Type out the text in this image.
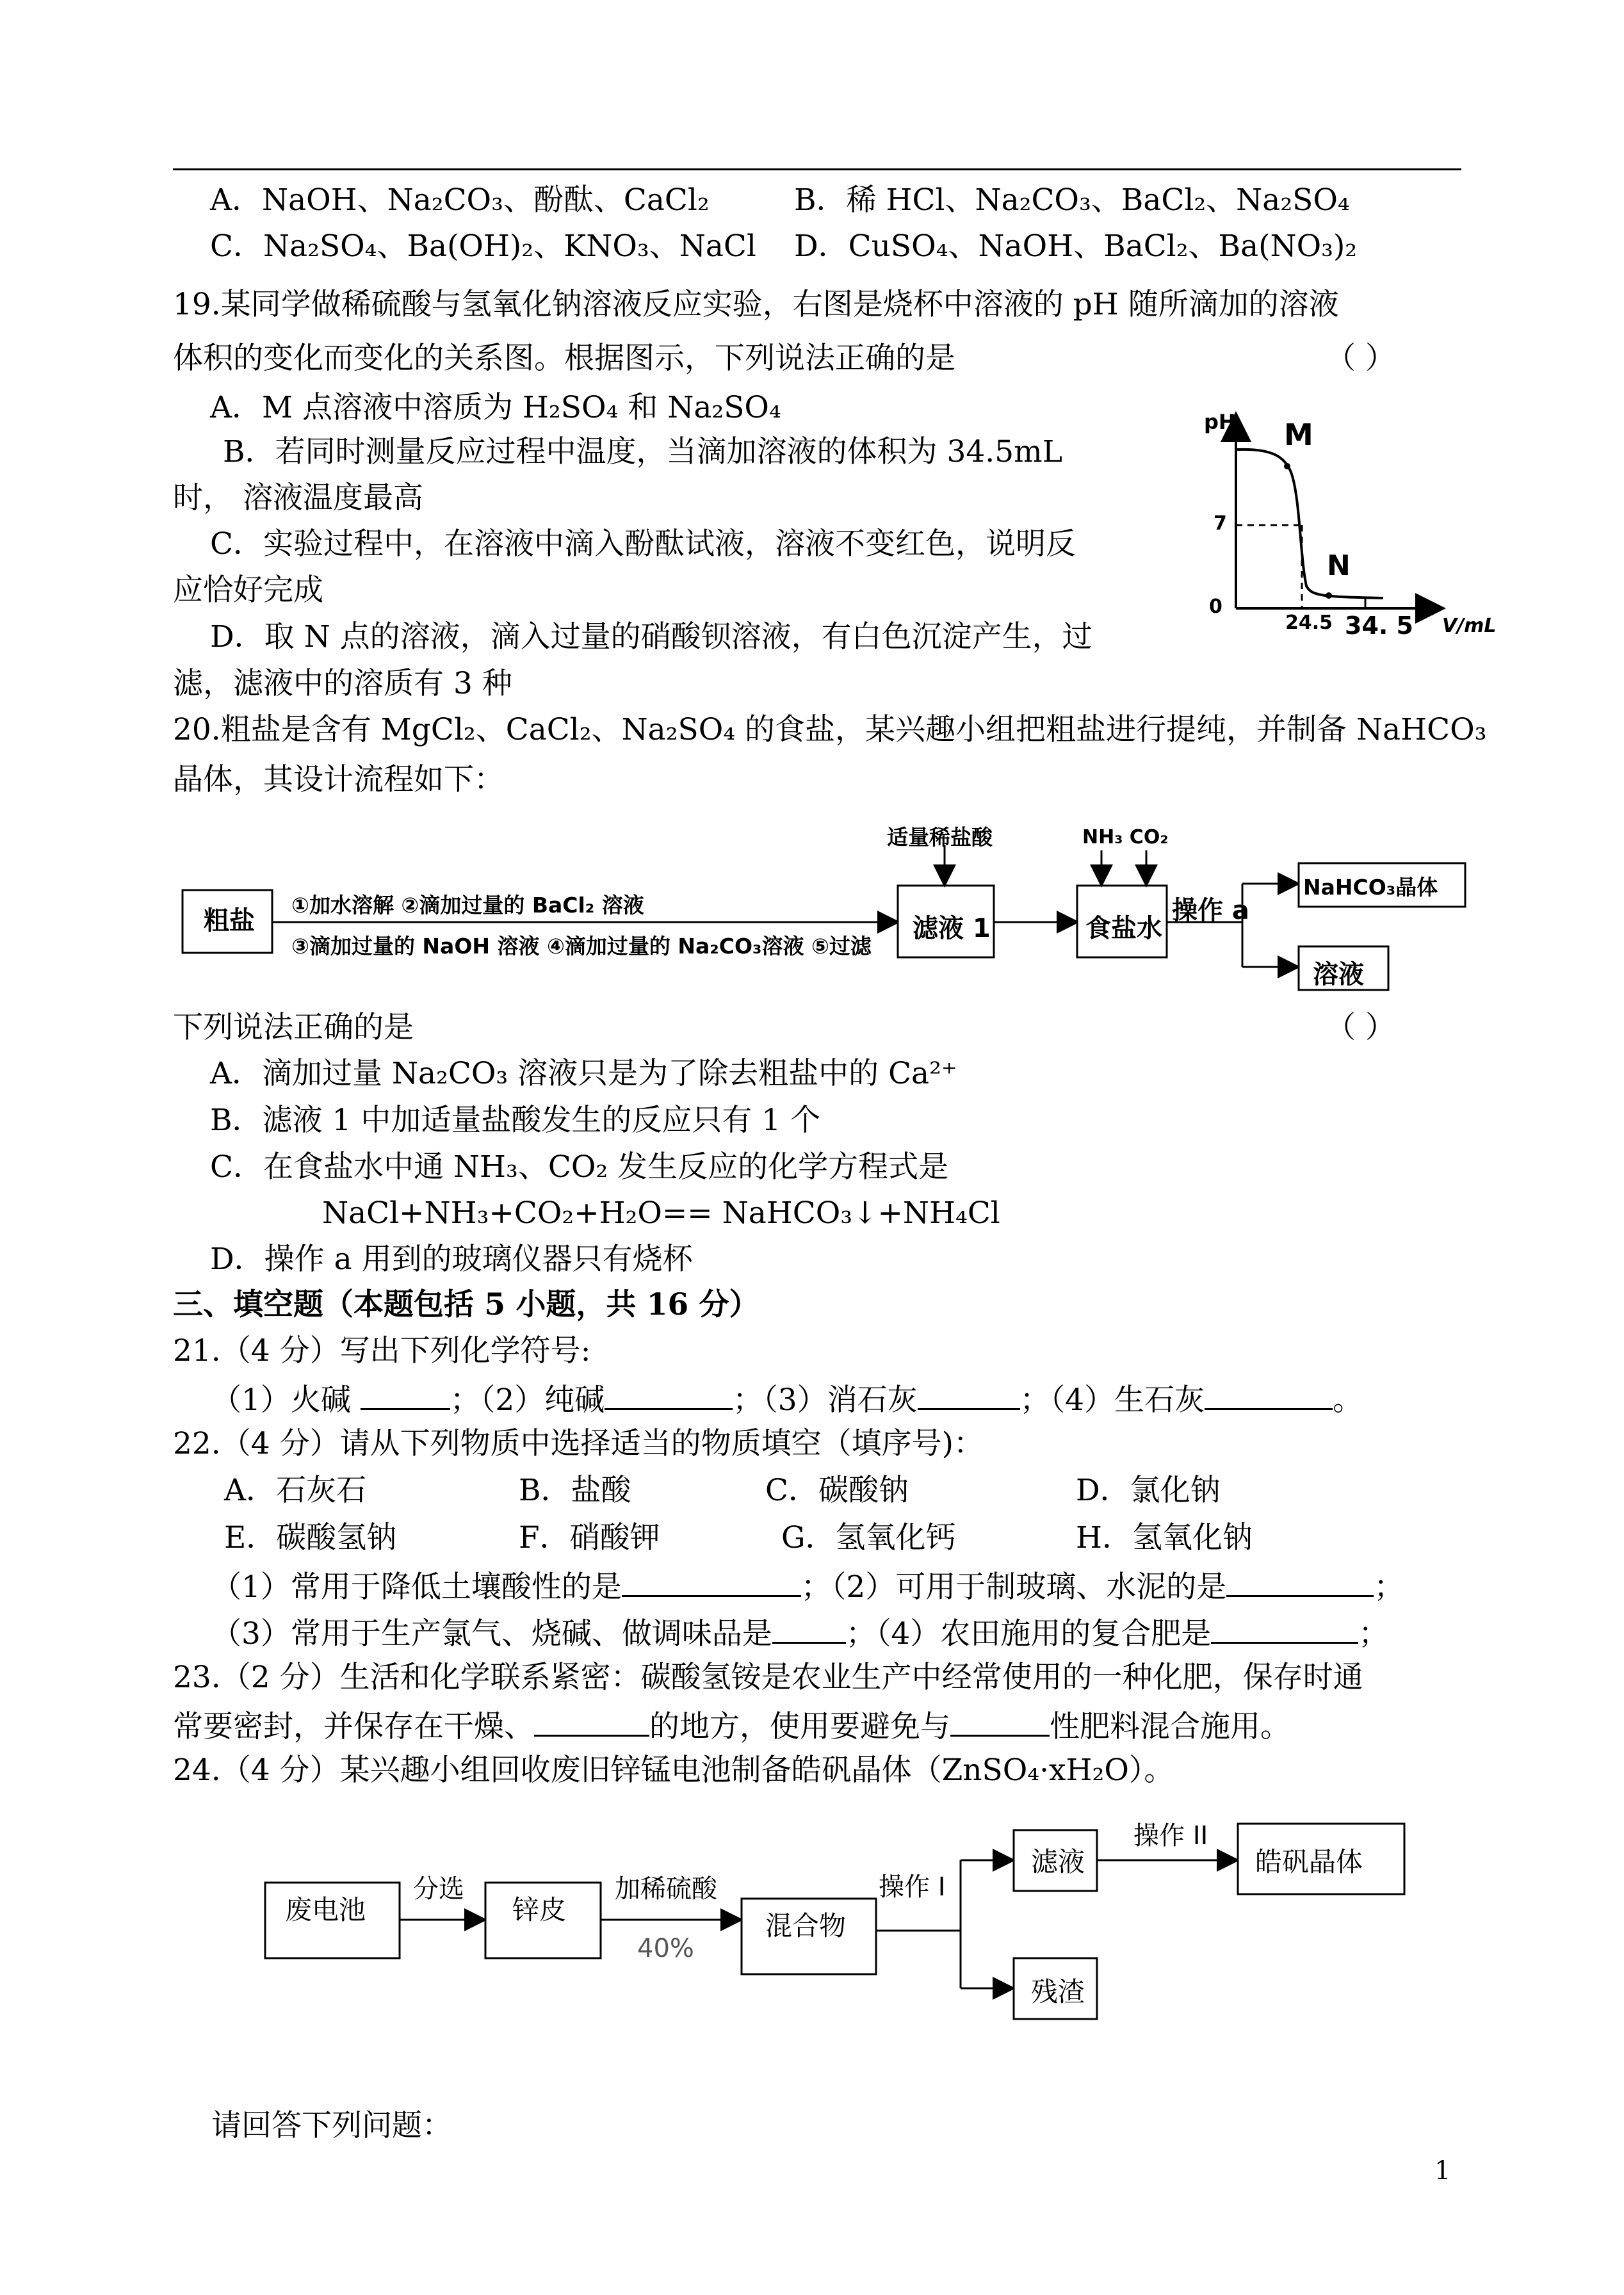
A．NaOH、Na₂CO₃、酚酞、CaCl₂	B．稀 HCl、Na₂CO₃、BaCl₂、Na₂SO₄
C．Na₂SO₄、Ba(OH)₂、KNO₃、NaCl D．CuSO₄、NaOH、BaCl₂、Ba(NO₃)₂
19.某同学做稀硫酸与氢氧化钠溶液反应实验，右图是烧杯中溶液的 pH 随所滴加的溶液
体积的变化而变化的关系图。根据图示，下列说法正确的是	（ ）
A．M 点溶液中溶质为 H₂SO₄ 和 Na₂SO₄
B．若同时测量反应过程中温度，当滴加溶液的体积为 34.5mL
时， 溶液温度最高
C．实验过程中，在溶液中滴入酚酞试液，溶液不变红色，说明反
应恰好完成
D．取 N 点的溶液，滴入过量的硝酸钡溶液，有白色沉淀产生，过
滤，滤液中的溶质有 3 种
pH
7
0
24.5 34. 5 V/mL
M
N
20.粗盐是含有 MgCl₂、CaCl₂、Na₂SO₄ 的食盐，某兴趣小组把粗盐进行提纯，并制备 NaHCO₃
晶体，其设计流程如下：
粗盐
①加水溶解 ②滴加过量的 BaCl₂ 溶液
③滴加过量的 NaOH 溶液 ④滴加过量的 Na₂CO₃溶液 ⑤过滤
适量稀盐酸
滤液 1
NH₃ CO₂
食盐水
操作 a
NaHCO₃晶体
溶液
下列说法正确的是	（ ）
A．滴加过量 Na₂CO₃ 溶液只是为了除去粗盐中的 Ca²⁺
B．滤液 1 中加适量盐酸发生的反应只有 1 个
C．在食盐水中通 NH₃、CO₂ 发生反应的化学方程式是
NaCl+NH₃+CO₂+H₂O== NaHCO₃↓+NH₄Cl
D．操作 a 用到的玻璃仪器只有烧杯
三、填空题（本题包括 5 小题，共 16 分）
21.（4 分）写出下列化学符号:
（1）火碱	；（2）纯碱	；（3）消石灰	；（4）生石灰	。
22.（4 分）请从下列物质中选择适当的物质填空（填序号)：
A．石灰石	B．盐酸	C．碳酸钠	D．氯化钠
E．碳酸氢钠	F．硝酸钾	G．氢氧化钙	H．氢氧化钠
（1）常用于降低土壤酸性的是	；（2）可用于制玻璃、水泥的是	；
（3）常用于生产氯气、烧碱、做调味品是 ；（4）农田施用的复合肥是	；
23.（2 分）生活和化学联系紧密：碳酸氢铵是农业生产中经常使用的一种化肥，保存时通
常要密封，并保存在干燥、	的地方，使用要避免与	性肥料混合施用。
24.（4 分）某兴趣小组回收废旧锌锰电池制备皓矾晶体（ZnSO₄·xH₂O）。
废电池
分选
锌皮
加稀硫酸
40%
混合物
操作 I
滤液
操作 II
皓矾晶体
残渣
请回答下列问题：
1
